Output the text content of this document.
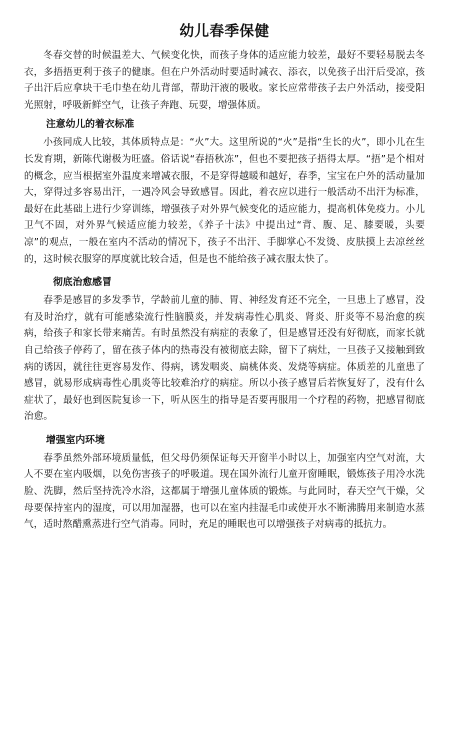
幼儿春季保健

冬春交替的时候温差大、气候变化快，而孩子身体的适应能力较差，最好不要轻易脱去冬衣，多捂捂更利于孩子的健康。但在户外活动时要适时减衣、添衣，以免孩子出汗后受凉，孩子出汗后应拿块干毛巾垫在幼儿背部，帮助汗液的吸收。家长应常带孩子去户外活动，接受阳光照射，呼吸新鲜空气，让孩子奔跑、玩耍，增强体质。

注意幼儿的着衣标准

小孩同成人比较，其体质特点是：“火”大。这里所说的“火”是指“生长的火”，即小儿在生长发育期，新陈代谢极为旺盛。俗话说“春捂秋冻”，但也不要把孩子捂得太厚。“捂”是个相对的概念，应当根据室外温度来增减衣服，不是穿得越暖和越好，春季，宝宝在户外的活动量加大，穿得过多容易出汗，一遇冷风会导致感冒。因此，着衣应以进行一般活动不出汗为标准，最好在此基础上进行少穿训练，增强孩子对外界气候变化的适应能力，提高机体免疫力。小儿卫气不固，对外界气候适应能力较差，《养子十法》中提出过“背、腹、足、膝要暖，头要凉”的观点，一般在室内不活动的情况下，孩子不出汗、手脚掌心不发烫、皮肤摸上去凉丝丝的，这时候衣服穿的厚度就比较合适，但是也不能给孩子减衣服太快了。

彻底治愈感冒

春季是感冒的多发季节，学龄前儿童的肺、胃、神经发育还不完全，一旦患上了感冒，没有及时治疗，就有可能感染流行性脑膜炎，并发病毒性心肌炎、肾炎、肝炎等不易治愈的疾病，给孩子和家长带来痛苦。有时虽然没有病症的表象了，但是感冒还没有好彻底，而家长就自己给孩子停药了，留在孩子体内的热毒没有被彻底去除，留下了病灶，一旦孩子又接触到致病的诱因，就往往更容易发作、得病，诱发咽炎、扁桃体炎、发烧等病症。体质差的儿童患了感冒，就易形成病毒性心肌炎等比较难治疗的病症。所以小孩子感冒后若恢复好了，没有什么症状了，最好也到医院复诊一下，听从医生的指导是否要再服用一个疗程的药物，把感冒彻底治愈。

增强室内环境

春季虽然外部环境质量低，但父母仍须保证每天开窗半小时以上，加强室内空气对流，大人不要在室内吸烟，以免伤害孩子的呼吸道。现在国外流行儿童开窗睡眠，锻炼孩子用冷水洗脸、洗脚，然后坚持洗冷水浴，这都属于增强儿童体质的锻炼。与此同时，春天空气干燥，父母要保持室内的湿度，可以用加湿器，也可以在室内挂湿毛巾或使开水不断沸腾用来制造水蒸气，适时熬醋熏蒸进行空气消毒。同时，充足的睡眠也可以增强孩子对病毒的抵抗力。
